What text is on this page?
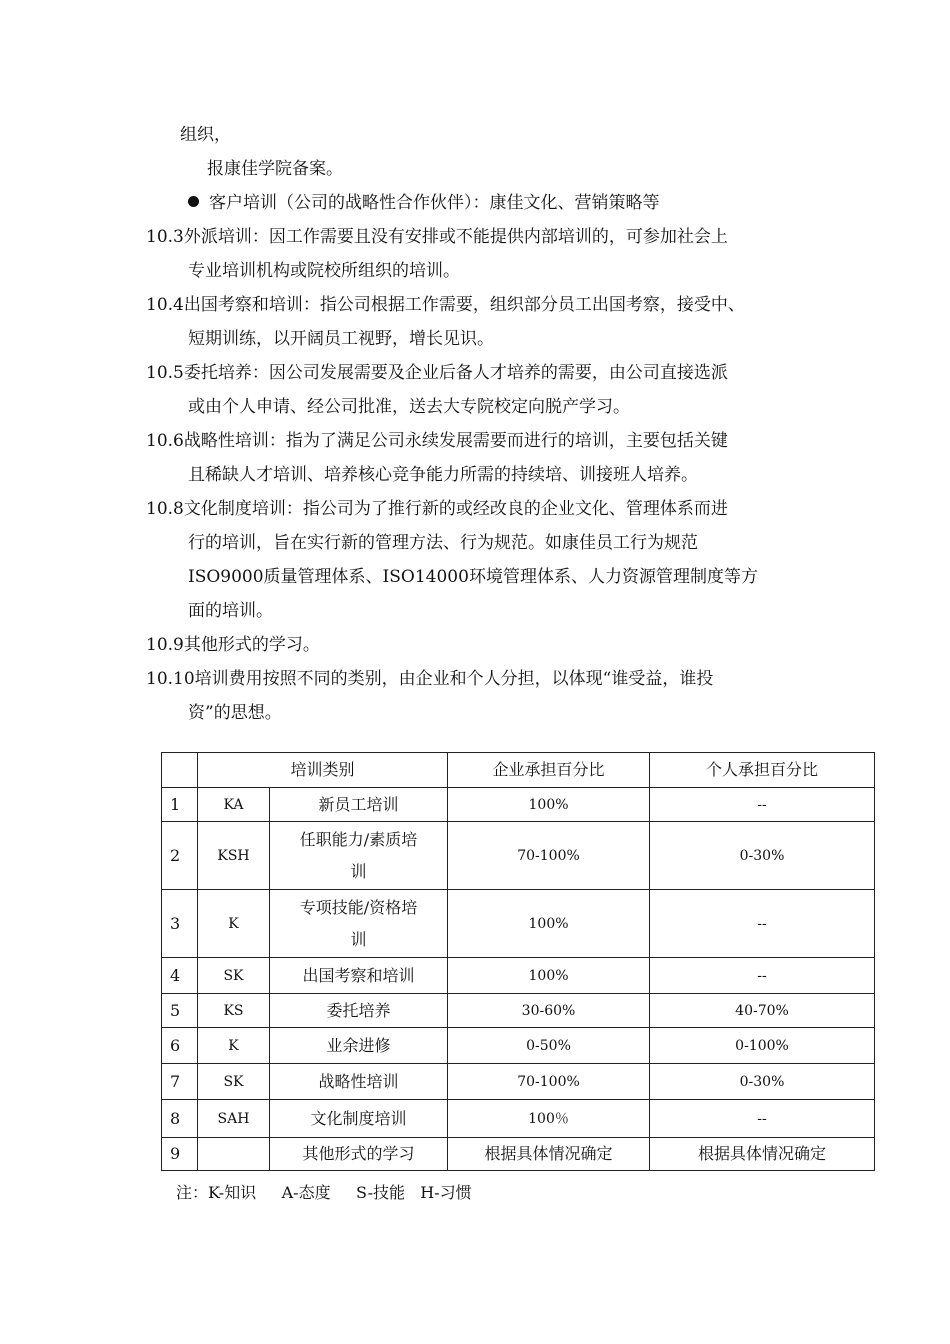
组织，
报康佳学院备案。
客户培训（公司的战略性合作伙伴）：康佳文化、营销策略等
10.3外派培训：因工作需要且没有安排或不能提供内部培训的，可参加社会上
专业培训机构或院校所组织的培训。
10.4出国考察和培训：指公司根据工作需要，组织部分员工出国考察，接受中、
短期训练，以开阔员工视野，增长见识。
10.5委托培养：因公司发展需要及企业后备人才培养的需要，由公司直接选派
或由个人申请、经公司批准，送去大专院校定向脱产学习。
10.6战略性培训：指为了满足公司永续发展需要而进行的培训，主要包括关键
且稀缺人才培训、培养核心竞争能力所需的持续培、训接班人培养。
10.8文化制度培训：指公司为了推行新的或经改良的企业文化、管理体系而进
行的培训，旨在实行新的管理方法、行为规范。如康佳员工行为规范
ISO9000质量管理体系、ISO14000环境管理体系、人力资源管理制度等方
面的培训。
10.9其他形式的学习。
10.10培训费用按照不同的类别，由企业和个人分担，以体现“谁受益，谁投
资”的思想。
	培训类别		企业承担百分比	个人承担百分比
1	KA	新员工培训	100%	--
2	KSH	任职能力/素质培
训	70-100%	0-30%
3	K	专项技能/资格培
训	100%	--
4	SK	出国考察和培训	100%	--
5	KS	委托培养	30-60%	40-70%
6	K	业余进修	0-50%	0-100%
7	SK	战略性培训	70-100%	0-30%
8	SAH	文化制度培训	100％	--
9		其他形式的学习	根据具体情况确定	根据具体情况确定
注：K-知识     A-态度     S-技能   H-习惯
